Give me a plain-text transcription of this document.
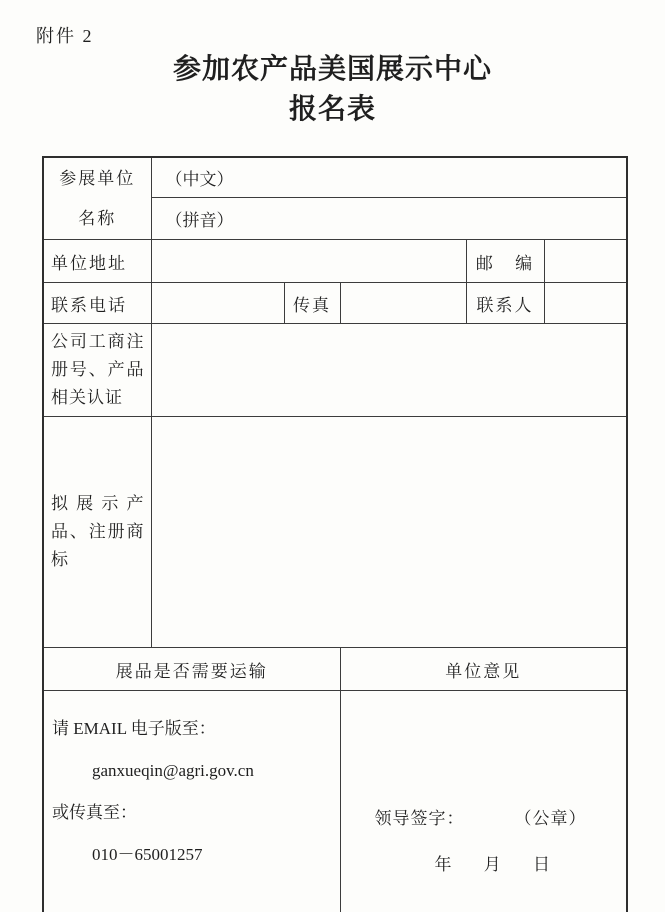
附件 2
参加农产品美国展示中心
报名表
参展单位
名称	（中文）				
	（拼音）				
单位地址				邮 编	
联系电话		传真		联系人	
公司工商注册号、产品相关认证					
拟展示产品、注册商标					
展品是否需要运输			单位意见		

请 EMAIL 电子版至：
ganxueqin@agri.gov.cn
或传真至：
010－65001257

领导签字：	（公章）
年 月 日
